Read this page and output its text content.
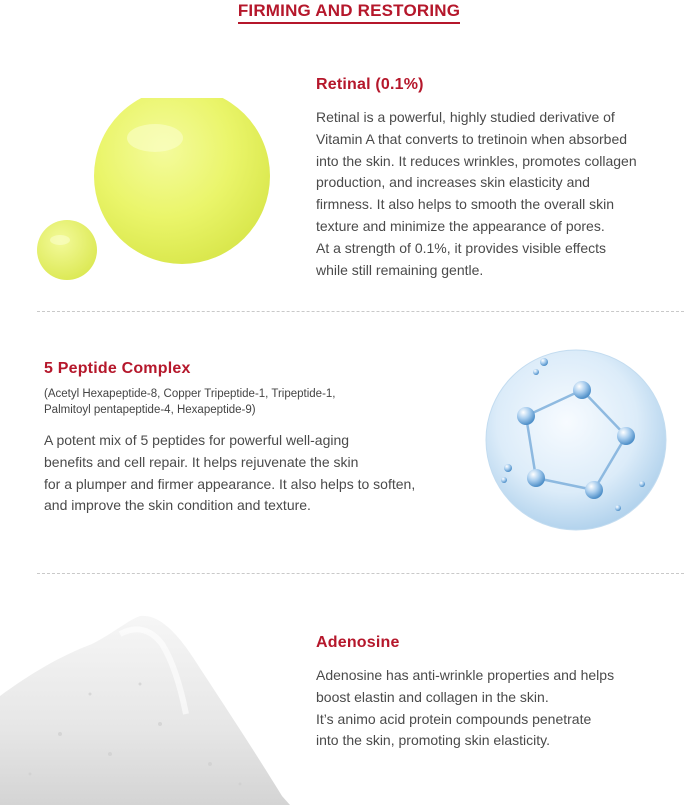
FIRMING AND RESTORING
Retinal (0.1%)

Retinal is a powerful, highly studied derivative of
Vitamin A that converts to tretinoin when absorbed
into the skin. It reduces wrinkles, promotes collagen
production, and increases skin elasticity and
firmness. It also helps to smooth the overall skin
texture and minimize the appearance of pores.
At a strength of 0.1%, it provides visible effects
while still remaining gentle.

5 Peptide Complex

(Acetyl Hexapeptide-8, Copper Tripeptide-1, Tripeptide-1,
Palmitoyl pentapeptide-4, Hexapeptide-9)

A potent mix of 5 peptides for powerful well-aging
benefits and cell repair. It helps rejuvenate the skin
for a plumper and firmer appearance. It also helps to soften,
and improve the skin condition and texture.

Adenosine

Adenosine has anti-wrinkle properties and helps
boost elastin and collagen in the skin.
It’s animo acid protein compounds penetrate
into the skin, promoting skin elasticity.
